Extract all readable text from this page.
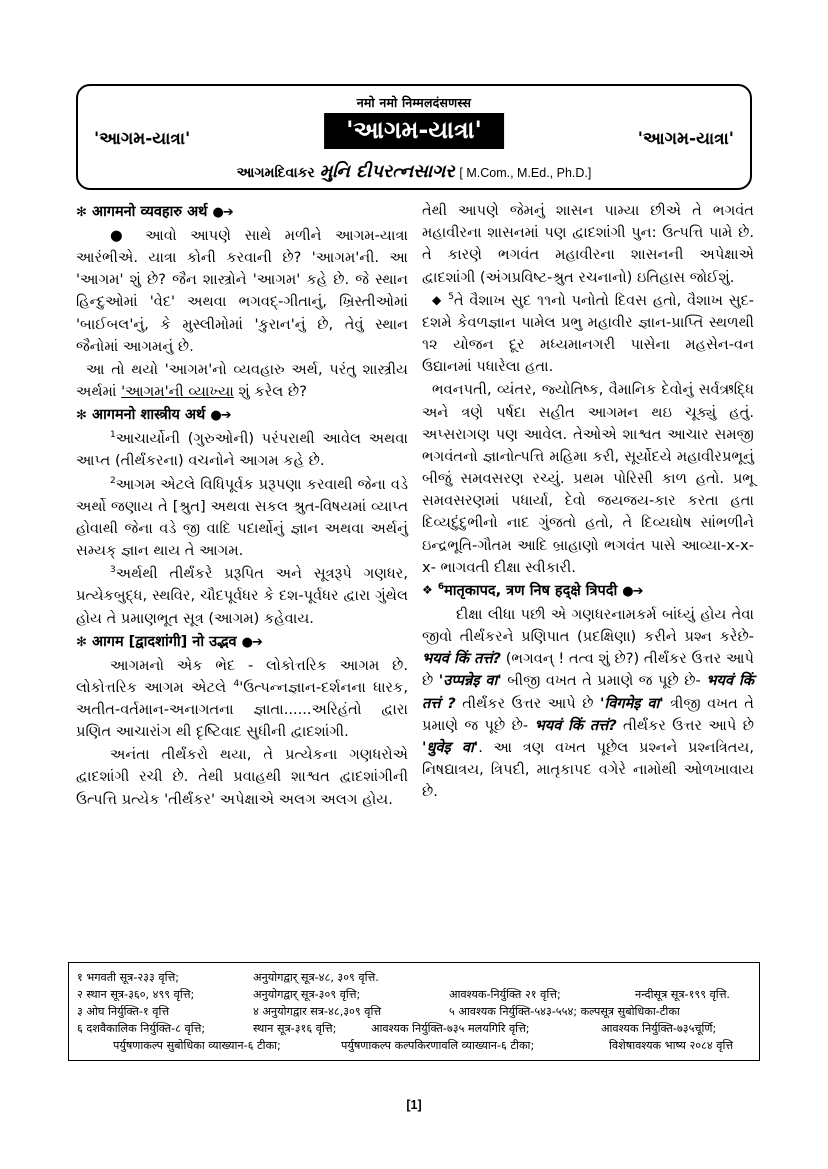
नमो नमो निम्मलदंसणस्स
'આગમ-યાત્રા'	'આગમ-યાત્રા'	'આગમ-યાત્રા'
આગમદિવાકર મુનિ દીપરત્નસાગર [ M.Com., M.Ed., Ph.D.]
✻ आगमनो व्यवहारु अर्थ ●➔

● આવો આપણે સાથે મળીને આગમ-યાત્રા આરંભીએ. યાત્રા કોની કરવાની છે? 'આગમ'ની. આ 'આગમ' શું છે? જૈન શાસ્ત્રોને 'આગમ' કહે છે. જે સ્થાન હિન્દુઓમાં 'વેદ' અથવા ભગવદ્‌-ગીતાનું, ખ્રિસ્તીઓમાં 'બાઈબલ'નું, કે મુસ્લીમોમાં 'કુરાન'નું છે, તેવું સ્થાન જૈનોમાં આગમનું છે.

આ તો થયો 'આગમ'નો વ્યવહારુ અર્થ, પરંતુ શાસ્ત્રીય અર્થમાં 'આગમ'ની વ્યાખ્યા શું કરેલ છે?

✻ आगमनो शास्त्रीय अर्थ ●➔

$^1$આચાર્યોની (ગુરુઓની) પરંપરાથી આવેલ અથવા આપ્ત (તીર્થંકરના) વચનોને આગમ કહે છે.

$^2$આગમ એટલે વિધિપૂર્વક પ્રરૂપણા કરવાથી જેના વડે અર્થો જણાય તે [શ્રુત] અથવા સકલ શ્રુત-વિષયમાં વ્યાપ્ત હોવાથી જેના વડે જી વાદિ પદાર્થોનું જ્ઞાન અથવા અર્થનું સમ્યક્‌ જ્ઞાન થાય તે આગમ.

$^3$અર્થથી તીર્થંકરે પ્રરૂપિત અને સૂત્રરૂપે ગણધર, પ્રત્યેકબુદ્ધ, સ્થવિર, ચૌદપૂર્વધર કે દશ-પૂર્વધર દ્વારા ગુંથેલ હોય તે પ્રમાણભૂત સૂત્ર (આગમ) કહેવાય.

✻ आगम [द्वादशांगी] नो उद्भव ●➔

આગમનો એક ભેદ - લોકોત્તરિક આગમ છે. લોકોત્તરિક આગમ એટલે $^4$'ઉત્પન્નજ્ઞાન-દર્શનના ધારક, અતીત-વર્તમાન-અનાગતના જ્ઞાતા......અરિહંતો દ્વારા પ્રણિત આચારાંગ થી દૃષ્ટિવાદ સુધીની દ્વાદશાંગી.

અનંતા તીર્થંકરો થયા, તે પ્રત્યેકના ગણધરોએ દ્વાદશાંગી રચી છે. તેથી પ્રવાહથી શાશ્વત દ્વાદશાંગીની ઉત્પત્તિ પ્રત્યેક 'તીર્થંકર' અપેક્ષાએ અલગ અલગ હોય.

તેથી આપણે જેમનું શાસન પામ્યા છીએ તે ભગવંત મહાવીરના શાસનમાં પણ દ્વાદશાંગી પુન: ઉત્પત્તિ પામે છે. તે કારણે ભગવંત મહાવીરના શાસનની અપેક્ષાએ દ્વાદશાંગી (અંગપ્રવિષ્ટ-શ્રુત રચનાનો) ઇતિહાસ જોઈશું.

◆ $^5$તે વૈશાખ સુદ ૧૧નો પનોતો દિવસ હતો, વૈશાખ સુદ-દશમે કેવળજ્ઞાન પામેલ પ્રભુ મહાવીર જ્ઞાન-પ્રાપ્તિ સ્થળથી ૧૨ યોજન દૂર મધ્યમાનગરી પાસેના મહસેન-વન ઉદ્યાનમાં પધારેલા હતા.

ભવનપતી, વ્યંતર, જ્યોતિષ્ક, વૈમાનિક દેવોનું સર્વઋદ્ધિ અને ત્રણે પર્ષદા સહીત આગમન થઇ ચૂક્યું હતું. અપ્સરાગણ પણ આવેલ. તેઓએ શાશ્વત આચાર સમજી ભગવંતનો જ્ઞાનોત્પત્તિ મહિમા કરી, સૂર્યોદયે મહાવીરપ્રભૂનું બીજું સમવસરણ રચ્યું. પ્રથમ પોરિસી કાળ હતો. પ્રભૂ સમવસરણમાં પધાર્યા, દેવો જયજય-કાર કરતા હતા દિવ્યદુંદુભીનો નાદ ગુંજતો હતો, તે દિવ્યઘોષ સાંભળીને ઇન્દ્રભૂતિ-ગૌતમ આદિ બ્રાહાણો ભગવંત પાસે આવ્યા-x-x-x- ભાગવતી દીક્ષા સ્વીકારી.

❖ $^6$मातृकापद, त्रण निष हद्‌क्षे त्रिपदी ●➔

દીક્ષા લીધા પછી એ ગણધરનામકર્મ બાંધ્યું હોય તેવા જીવો તીર્થંકરને પ્રણિપાત (પ્રદક્ષિણા) કરીને પ્રશ્ન કરેછે- भयवं किं तत्तं? (ભગવન્ ! તત્વ શું છે?) તીર્થંકર ઉત્તર આપે છે 'उप्पन्नेइ वा' બીજી વખત તે પ્રમાણે જ પૂછે છે- भयवं किं तत्तं ? તીર્થંકર ઉત્તર આપે છે 'विगमेइ वा' ત્રીજી વખત તે પ્રમાણે જ પૂછે છે- भयवं किं तत्तं? તીર્થંકર ઉત્તર આપે છે 'धुवेइ वा'. આ ત્રણ વખત પૂછેલ પ્રશ્નને પ્રશ્નત્રિતય, નિષદ્યાત્રય, ત્રિપદી, માતૃકાપદ વગેરે નામોથી ઓળખાવાય છે.

१ भगवती सूत्र-२३३ वृत्ति;	अनुयोगद्वार् सूत्र-४८, ३०९ वृत्ति.
२ स्थान सूत्र-३६०, ४९९ वृत्ति;	अनुयोगद्वार् सूत्र-३०९ वृत्ति;	आवश्यक-निर्युक्ति २१ वृत्ति;	नन्दीसूत्र सूत्र-१९९ वृत्ति.
३ ओघ निर्युक्ति-१ वृत्ति	४ अनुयोगद्वार सत्र-४८,३०९ वृत्ति	५ आवश्यक निर्युक्ति-५४३-५५४; कल्पसूत्र सुबोधिका-टीका
६ दशवैकालिक निर्युक्ति-८ वृत्ति;	स्थान सूत्र-३१६ वृत्ति;	आवश्यक निर्युक्ति-७३५ मलयगिरि वृत्ति;	आवश्यक निर्युक्ति-७३५चूर्णि;
पर्युषणाकल्प सुबोधिका व्याख्यान-६ टीका;	पर्युषणाकल्प कल्पकिरणावलि व्याख्यान-६ टीका;	विशेषावश्यक भाष्य २०८४ वृत्ति
[1]
